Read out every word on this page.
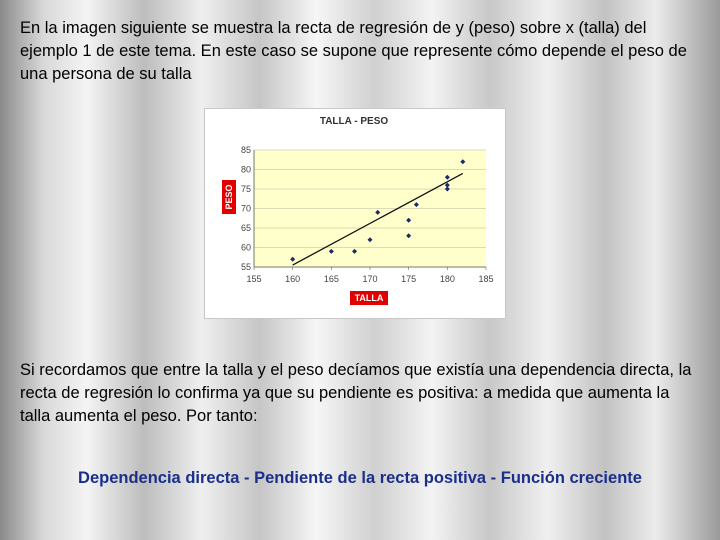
En la imagen siguiente se muestra la recta de regresión de y (peso) sobre x (talla) del ejemplo 1 de este tema. En este caso se supone que represente cómo depende el peso de una persona de su talla
TALLA - PESO
55
60
65
70
75
80
85
155	160	165	170	175	180	185
PESO
TALLA
Si recordamos que entre la talla y el peso decíamos que existía una dependencia directa, la recta de regresión lo confirma ya que su pendiente es positiva: a medida que aumenta la talla aumenta el peso. Por tanto:
Dependencia directa - Pendiente de la recta positiva - Función creciente
